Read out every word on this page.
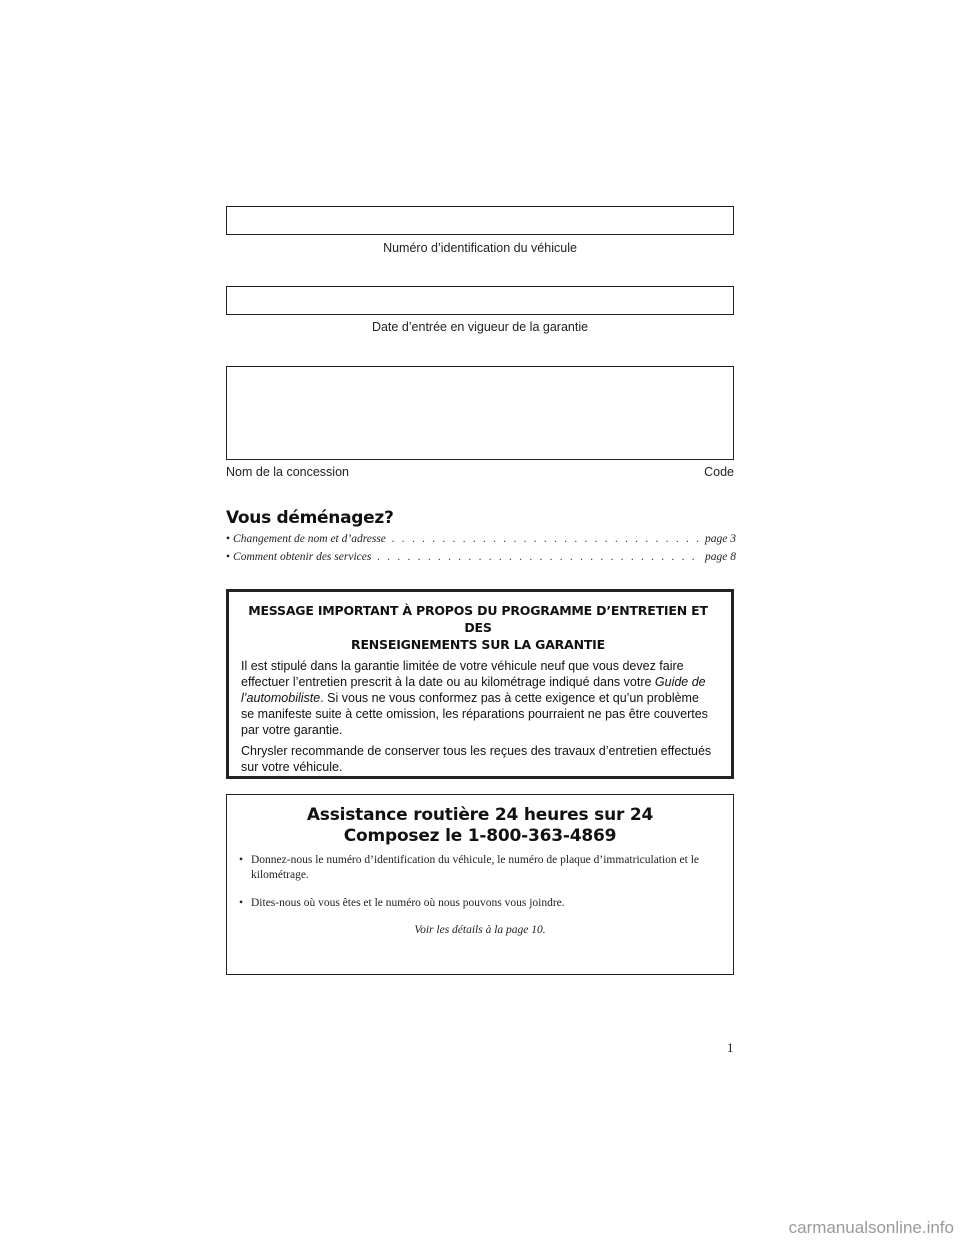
Numéro d’identification du véhicule
Date d’entrée en vigueur de la garantie
Nom de la concession	Code
Vous déménagez?
• Changement de nom et d’adresse . . .	page 3
• Comment obtenir des services . . .	page 8
MESSAGE IMPORTANT À PROPOS DU PROGRAMME D’ENTRETIEN ET DES
RENSEIGNEMENTS SUR LA GARANTIE

Il est stipulé dans la garantie limitée de votre véhicule neuf que vous devez faire effectuer l’entretien prescrit à la date ou au kilométrage indiqué dans votre Guide de l’automobiliste. Si vous ne vous conformez pas à cette exigence et qu’un problème se manifeste suite à cette omission, les réparations pourraient ne pas être couvertes par votre garantie.

Chrysler recommande de conserver tous les reçues des travaux d’entretien effectués sur votre véhicule.

Assistance routière 24 heures sur 24
Composez le 1-800-363-4869
• Donnez-nous le numéro d’identification du véhicule, le numéro de plaque d’immatriculation et le kilométrage.
• Dites-nous où vous êtes et le numéro où nous pouvons vous joindre.
Voir les détails à la page 10.
1
carmanualsonline.info
